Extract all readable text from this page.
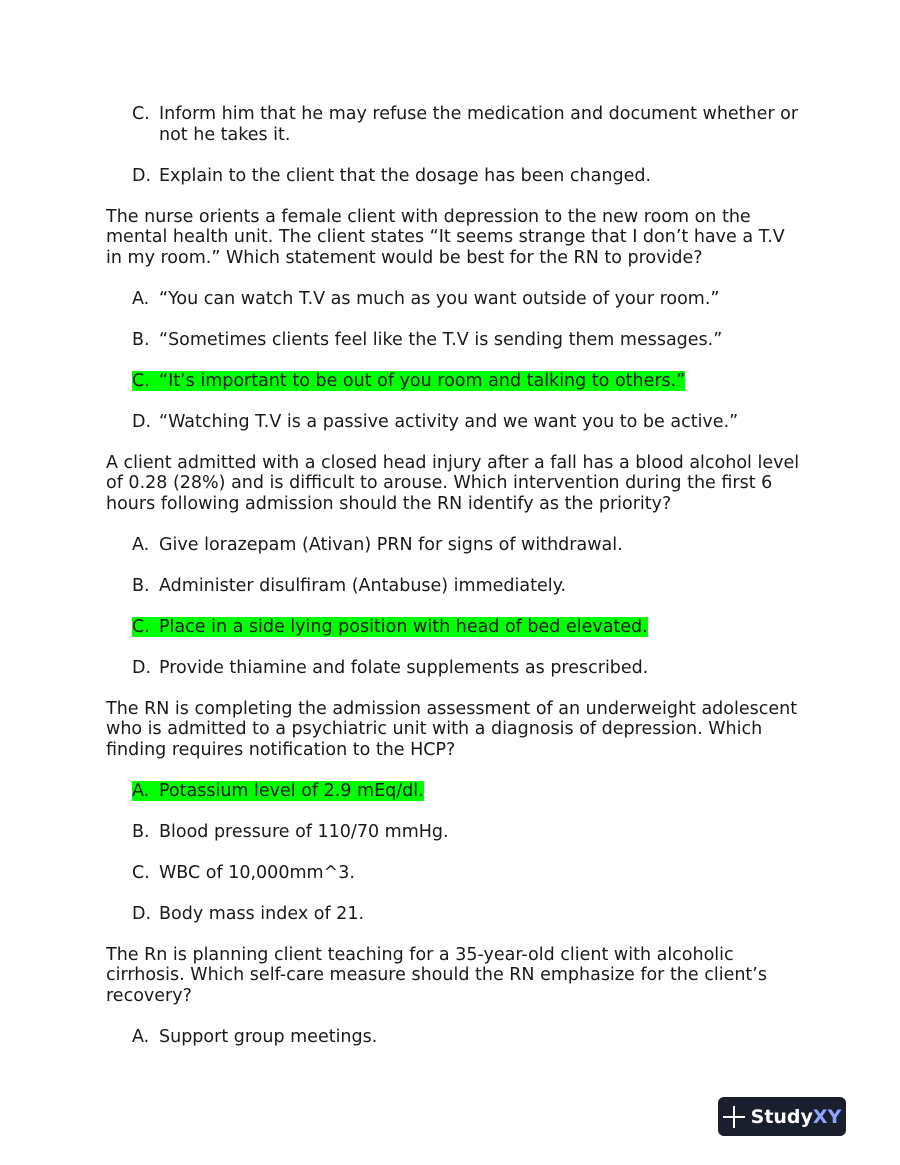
C. Inform him that he may refuse the medication and document whether or not he takes it.
D. Explain to the client that the dosage has been changed.
The nurse orients a female client with depression to the new room on the mental health unit. The client states “It seems strange that I don’t have a T.V in my room.” Which statement would be best for the RN to provide?
A. “You can watch T.V as much as you want outside of your room.”
B. “Sometimes clients feel like the T.V is sending them messages.”
C. “It’s important to be out of you room and talking to others.”
D. “Watching T.V is a passive activity and we want you to be active.”
A client admitted with a closed head injury after a fall has a blood alcohol level of 0.28 (28%) and is difficult to arouse. Which intervention during the first 6 hours following admission should the RN identify as the priority?
A. Give lorazepam (Ativan) PRN for signs of withdrawal.
B. Administer disulfiram (Antabuse) immediately.
C. Place in a side lying position with head of bed elevated.
D. Provide thiamine and folate supplements as prescribed.
The RN is completing the admission assessment of an underweight adolescent who is admitted to a psychiatric unit with a diagnosis of depression. Which finding requires notification to the HCP?
A. Potassium level of 2.9 mEq/dl.
B. Blood pressure of 110/70 mmHg.
C. WBC of 10,000mm^3.
D. Body mass index of 21.
The Rn is planning client teaching for a 35-year-old client with alcoholic cirrhosis. Which self-care measure should the RN emphasize for the client’s recovery?
A. Support group meetings.
Study XY
